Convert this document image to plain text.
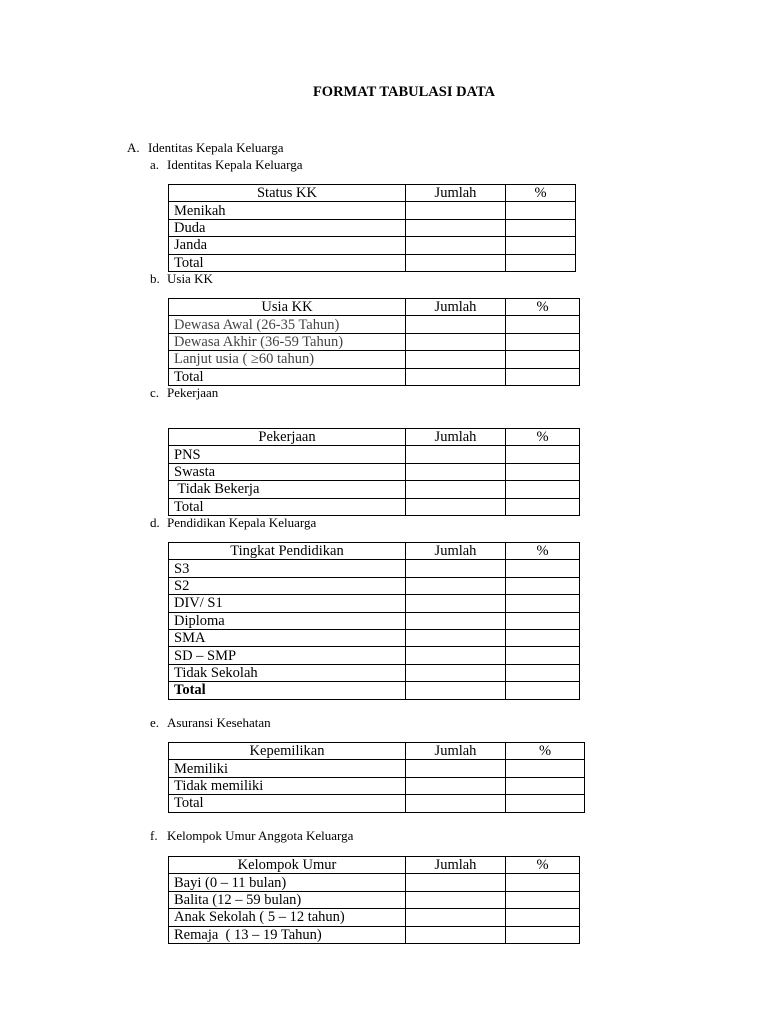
FORMAT TABULASI DATA
A. Identitas Kepala Keluarga
a. Identitas Kepala Keluarga
Status KK	Jumlah	%
Menikah		
Duda		
Janda		
Total		
b. Usia KK
Usia KK	Jumlah	%
Dewasa Awal (26-35 Tahun)		
Dewasa Akhir (36-59 Tahun)		
Lanjut usia ( ≥60 tahun)		
Total		
c. Pekerjaan
Pekerjaan	Jumlah	%
PNS		
Swasta		
Tidak Bekerja		
Total		
d. Pendidikan Kepala Keluarga
Tingkat Pendidikan	Jumlah	%
S3		
S2		
DIV/ S1		
Diploma		
SMA		
SD – SMP		
Tidak Sekolah		
Total		
e. Asuransi Kesehatan
Kepemilikan	Jumlah	%
Memiliki		
Tidak memiliki		
Total		
f. Kelompok Umur Anggota Keluarga
Kelompok Umur	Jumlah	%
Bayi (0 – 11 bulan)		
Balita (12 – 59 bulan)		
Anak Sekolah ( 5 – 12 tahun)		
Remaja  ( 13 – 19 Tahun)		
